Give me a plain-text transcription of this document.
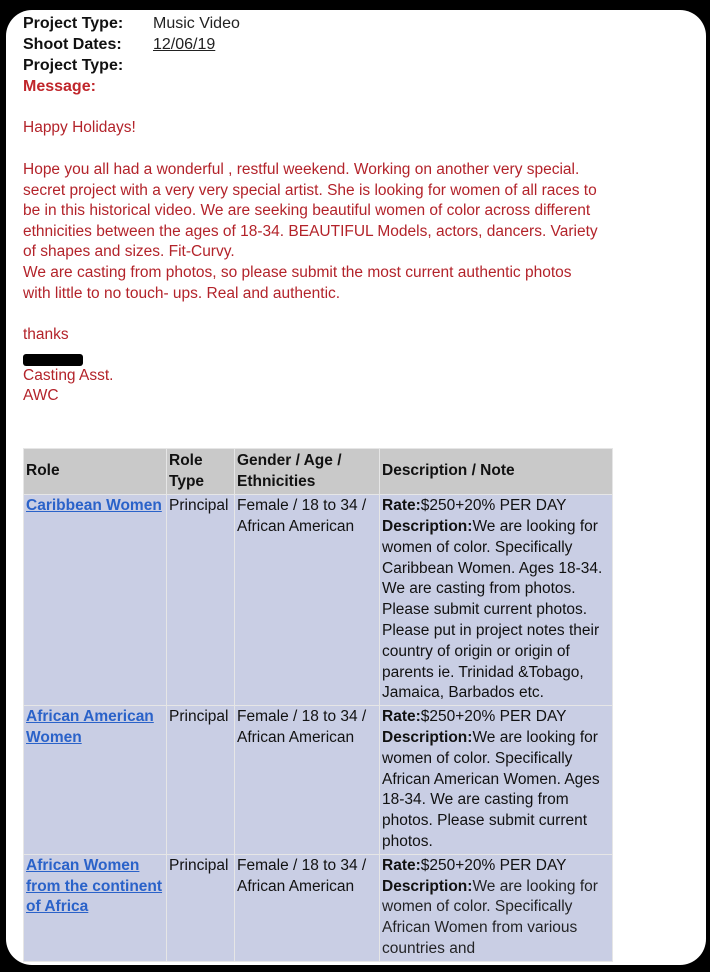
Project Type: Music Video
Shoot Dates: 12/06/19
Project Type:
Message:
Happy Holidays!
Hope you all had a wonderful , restful weekend. Working on another very special. secret project with a very very special artist. She is looking for women of all races to be in this historical video. We are seeking beautiful women of color across different ethnicities between the ages of 18-34. BEAUTIFUL Models, actors, dancers. Variety of shapes and sizes. Fit-Curvy.
We are casting from photos, so please submit the most current authentic photos with little to no touch- ups. Real and authentic.
thanks
Casting Asst.
AWC
Role	Role Type	Gender / Age / Ethnicities	Description / Note
Caribbean Women	Principal	Female / 18 to 34 / African American	Rate:$250+20% PER DAY
Description:We are looking for women of color. Specifically Caribbean Women. Ages 18-34. We are casting from photos. Please submit current photos. Please put in project notes their country of origin or origin of parents ie. Trinidad &Tobago, Jamaica, Barbados etc.
African American Women	Principal	Female / 18 to 34 / African American	Rate:$250+20% PER DAY
Description:We are looking for women of color. Specifically African American Women. Ages 18-34. We are casting from photos. Please submit current photos.
African Women from the continent of Africa	Principal	Female / 18 to 34 / African American	Rate:$250+20% PER DAY
Description:We are looking for women of color. Specifically African Women from various countries and
